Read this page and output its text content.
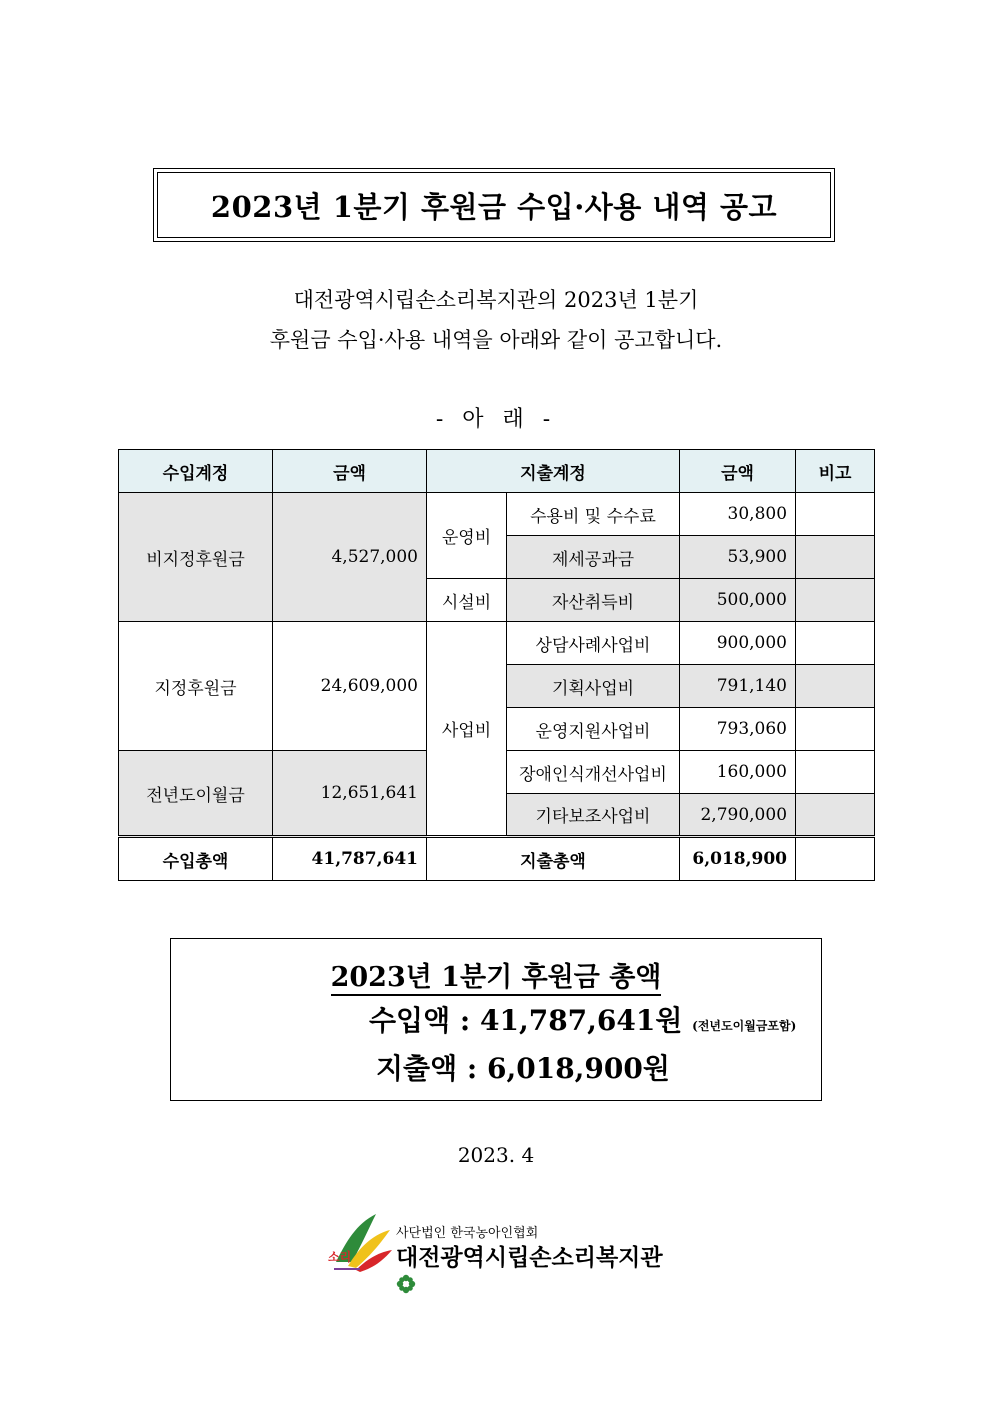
2023년 1분기 후원금 수입·사용 내역 공고
대전광역시립손소리복지관의 2023년 1분기
후원금 수입·사용 내역을 아래와 같이 공고합니다.
- 아 래 -
수입계정	금액	지출계정		금액	비고
비지정후원금	4,527,000	운영비	수용비 및 수수료	30,800	
			제세공과금	53,900	
		시설비	자산취득비	500,000	
지정후원금	24,609,000	사업비	상담사례사업비	900,000	
			기획사업비	791,140	
			운영지원사업비	793,060	
전년도이월금	12,651,641		장애인식개선사업비	160,000	
			기타보조사업비	2,790,000	
수입총액	41,787,641	지출총액		6,018,900	
2023년 1분기 후원금 총액
수입액 : 41,787,641원 (전년도이월금포함)
지출액 : 6,018,900원
2023. 4
소리
사단법인 한국농아인협회
대전광역시립손소리복지관
